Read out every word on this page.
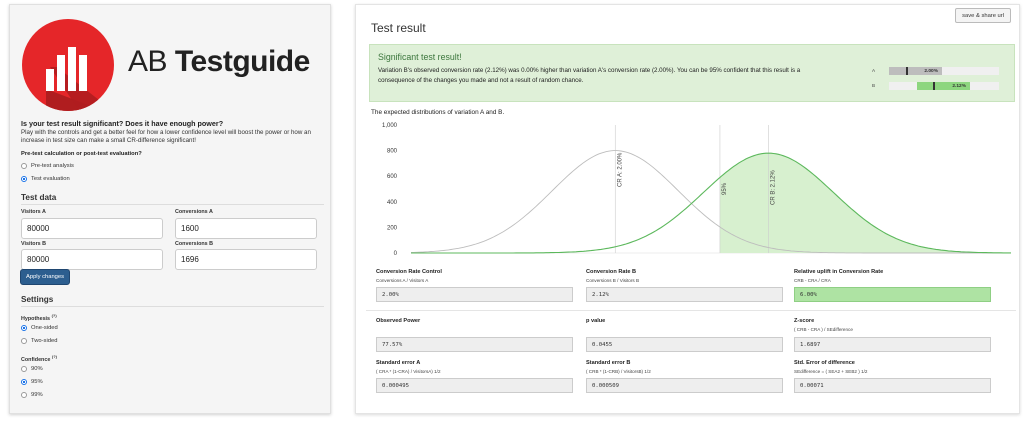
AB Testguide
Is your test result significant? Does it have enough power?
Play with the controls and get a better feel for how a lower confidence level will boost the power or how an increase in test size can make a small CR-difference significant!
Pre-test calculation or post-test evaluation?
Pre-test analysis
Test evaluation
Test data
Visitors A
80000
Conversions A
1600
Visitors B
80000
Conversions B
1696
Apply changes
Settings
Hypothesis (?)
One-sided
Two-sided
Confidence (?)
90%
95%
99%
Test result
save & share url
Significant test result!
Variation B's observed conversion rate (2.12%) was 0.00% higher than variation A's conversion rate (2.00%). You can be 95% confident that this result is a consequence of the changes you made and not a result of random chance.
A	2.00%
B	2.12%
The expected distributions of variation A and B.
0
200
400
600
800
1,000
CR A: 2.00%
95%	CR B: 2.12%
Conversion Rate Control
Conversions A / Visitors A
2.00%
Conversion Rate B
Conversions B / Visitors B
2.12%
Relative uplift in Conversion Rate
CRB - CRA / CRA
6.00%
Observed Power
77.57%
p value
0.0455
Z-score
( CRB - CRA ) / SEdifference
1.6897
Standard error A
( CRA * (1-CRA) / VisitorsA) 1/2
0.000495
Standard error B
( CRB * (1-CRB) / VisitorsB) 1/2
0.000509
Std. Error of difference
SEdifference = ( SEA2 + SEB2 ) 1/2
0.00071
